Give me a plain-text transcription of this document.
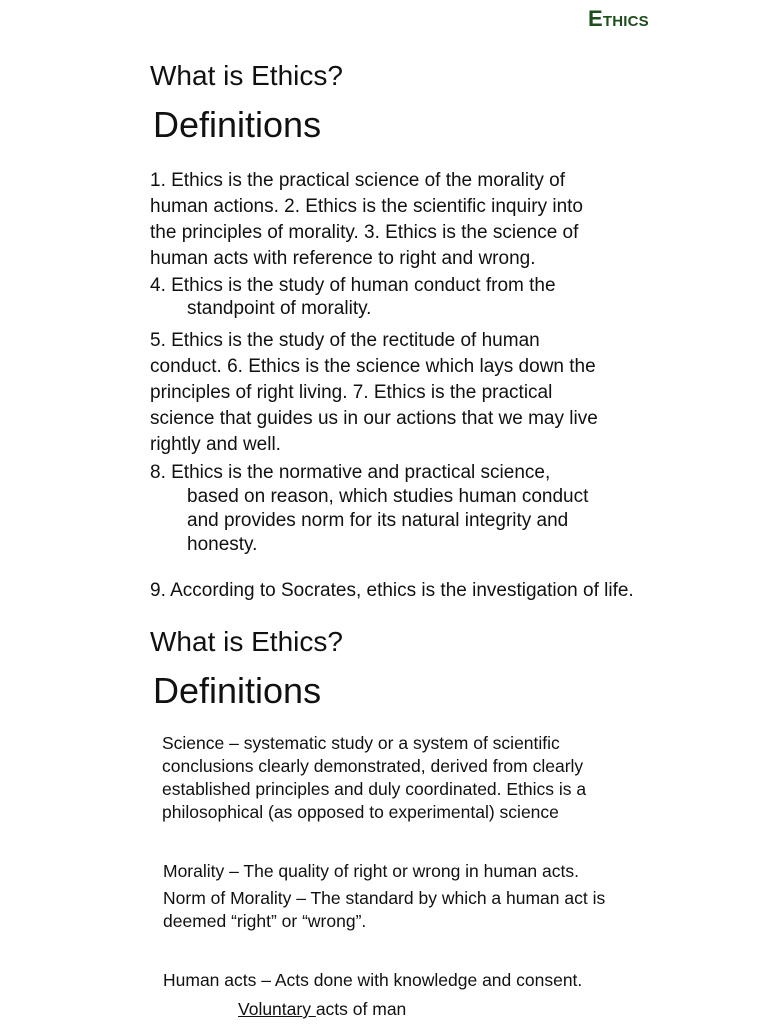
Ethics
What is Ethics?
Definitions
1. Ethics is the practical science of the morality of
human actions. 2. Ethics is the scientific inquiry into
the principles of morality. 3. Ethics is the science of
human acts with reference to right and wrong.
4. Ethics is the study of human conduct from the
standpoint of morality.
5. Ethics is the study of the rectitude of human
conduct. 6. Ethics is the science which lays down the
principles of right living. 7. Ethics is the practical
science that guides us in our actions that we may live
rightly and well.
8. Ethics is the normative and practical science,
based on reason, which studies human conduct
and provides norm for its natural integrity and
honesty.
9. According to Socrates, ethics is the investigation of life.
What is Ethics?
Definitions
Science – systematic study or a system of scientific
conclusions clearly demonstrated, derived from clearly
established principles and duly coordinated. Ethics is a
philosophical (as opposed to experimental) science
Morality – The quality of right or wrong in human acts.
Norm of Morality – The standard by which a human act is
deemed “right” or “wrong”.
Human acts – Acts done with knowledge and consent.
Voluntary acts of man
